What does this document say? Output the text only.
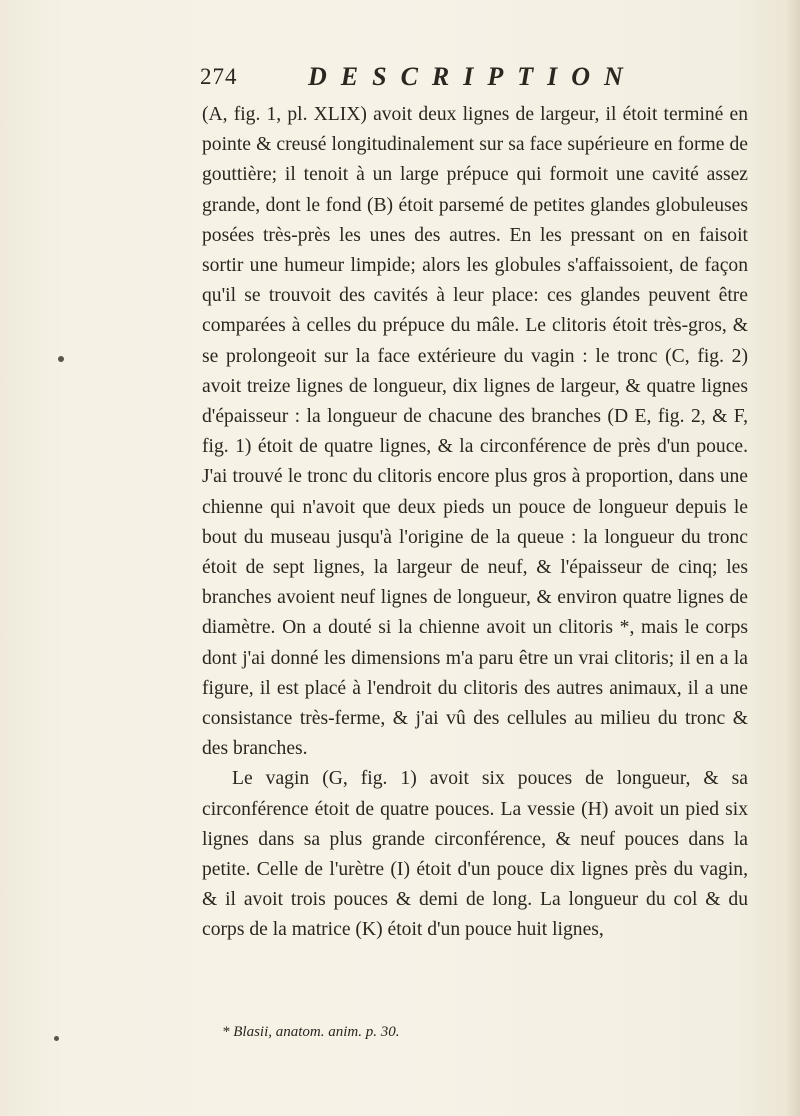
274	DESCRIPTION

(A, fig. 1, pl. XLIX) avoit deux lignes de largeur, il étoit terminé en pointe & creusé longitudinalement sur sa face supérieure en forme de gouttière; il tenoit à un large prépuce qui formoit une cavité assez grande, dont le fond (B) étoit parsemé de petites glandes globuleuses posées très-près les unes des autres. En les pressant on en faisoit sortir une humeur limpide; alors les globules s'affaissoient, de façon qu'il se trouvoit des cavités à leur place: ces glandes peuvent être comparées à celles du prépuce du mâle. Le clitoris étoit très-gros, & se prolongeoit sur la face extérieure du vagin : le tronc (C, fig. 2) avoit treize lignes de longueur, dix lignes de largeur, & quatre lignes d'épaisseur : la longueur de chacune des branches (D E, fig. 2, & F, fig. 1) étoit de quatre lignes, & la circonférence de près d'un pouce. J'ai trouvé le tronc du clitoris encore plus gros à proportion, dans une chienne qui n'avoit que deux pieds un pouce de longueur depuis le bout du museau jusqu'à l'origine de la queue : la longueur du tronc étoit de sept lignes, la largeur de neuf, & l'épaisseur de cinq; les branches avoient neuf lignes de longueur, & environ quatre lignes de diamètre. On a douté si la chienne avoit un clitoris *, mais le corps dont j'ai donné les dimensions m'a paru être un vrai clitoris; il en a la figure, il est placé à l'endroit du clitoris des autres animaux, il a une consistance très-ferme, & j'ai vû des cellules au milieu du tronc & des branches.

Le vagin (G, fig. 1) avoit six pouces de longueur, & sa circonférence étoit de quatre pouces. La vessie (H) avoit un pied six lignes dans sa plus grande circonférence, & neuf pouces dans la petite. Celle de l'urètre (I) étoit d'un pouce dix lignes près du vagin, & il avoit trois pouces & demi de long. La longueur du col & du corps de la matrice (K) étoit d'un pouce huit lignes,

* Blasii, anatom. anim. p. 30.
